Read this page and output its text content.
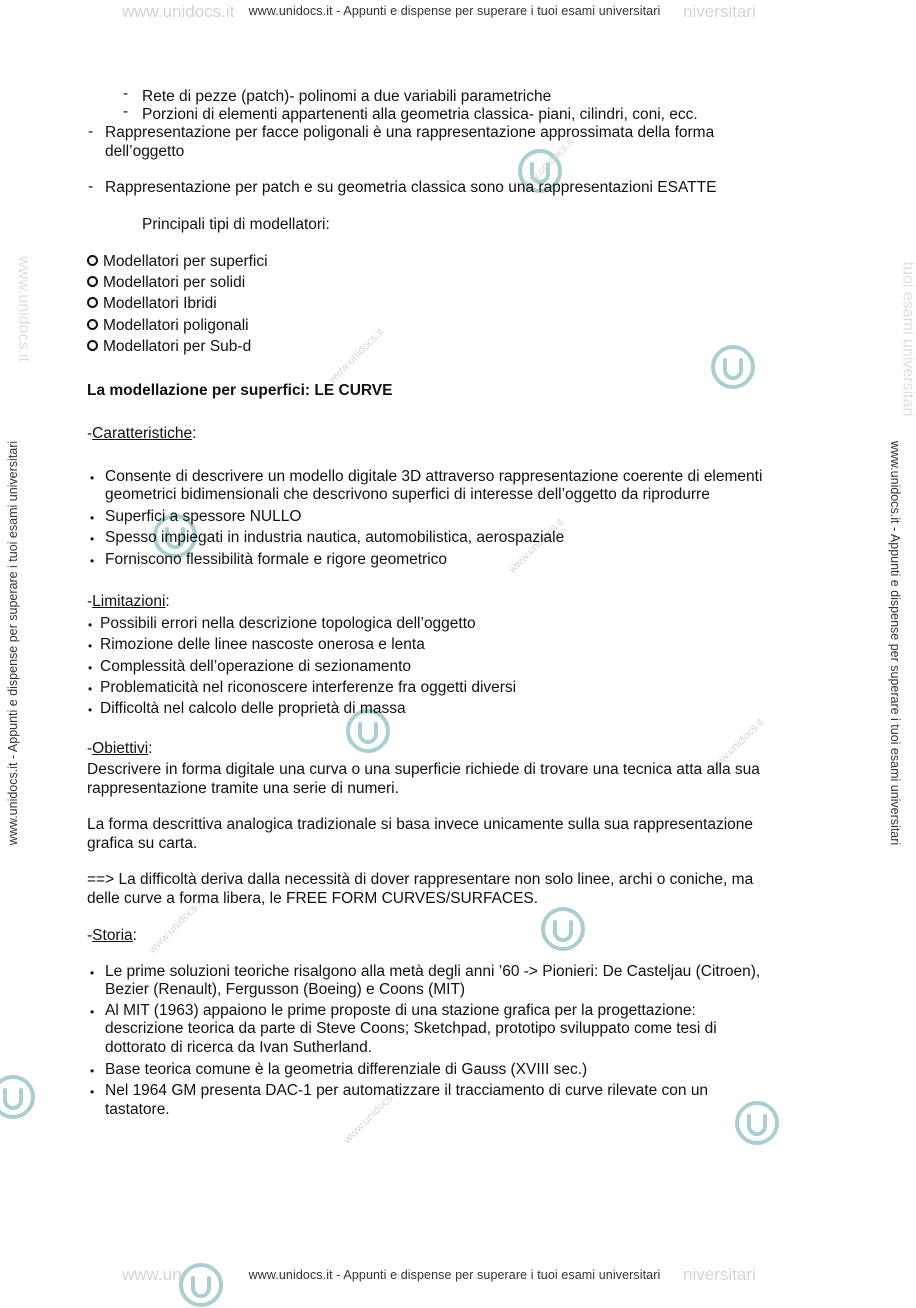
www.unidocs.it	niversitari
www.unidocs.it - Appunti e dispense per superare i tuoi esami universitari
www.un	niversitari
www.unidocs.it - Appunti e dispense per superare i tuoi esami universitari
www.unidocs.it - Appunti e dispense per superare i tuoi esami universitari	www.unidocs.it - Appunti e dispense per superare i tuoi esami universitari
www.unidocs.it	tuoi esami universitari
www.unidocs.it
www.unidocs.it
www.unidocs.it
www.unidocs.it
www.unidocs.it
www.unidocs.it
- Rete di pezze (patch)- polinomi a due variabili parametriche
- Porzioni di elementi appartenenti alla geometria classica- piani, cilindri, coni, ecc.
- Rappresentazione per facce poligonali è una rappresentazione approssimata della forma
dell’oggetto
- Rappresentazione per patch e su geometria classica sono una rappresentazioni ESATTE
Principali tipi di modellatori:
Modellatori per superfici
Modellatori per solidi
Modellatori Ibridi
Modellatori poligonali
Modellatori per Sub-d
La modellazione per superfici: LE CURVE
-Caratteristiche:
• Consente di descrivere un modello digitale 3D attraverso rappresentazione coerente di elementi
geometrici bidimensionali che descrivono superfici di interesse dell’oggetto da riprodurre
• Superfici a spessore NULLO
• Spesso impiegati in industria nautica, automobilistica, aerospaziale
• Forniscono flessibilità formale e rigore geometrico
-Limitazioni:
• Possibili errori nella descrizione topologica dell’oggetto
• Rimozione delle linee nascoste onerosa e lenta
• Complessità dell’operazione di sezionamento
• Problematicità nel riconoscere interferenze fra oggetti diversi
• Difficoltà nel calcolo delle proprietà di massa
-Obiettivi:
Descrivere in forma digitale una curva o una superficie richiede di trovare una tecnica atta alla sua
rappresentazione tramite una serie di numeri.
La forma descrittiva analogica tradizionale si basa invece unicamente sulla sua rappresentazione
grafica su carta.
==> La difficoltà deriva dalla necessità di dover rappresentare non solo linee, archi o coniche, ma
delle curve a forma libera, le FREE FORM CURVES/SURFACES.
-Storia:
• Le prime soluzioni teoriche risalgono alla metà degli anni ’60 -> Pionieri: De Casteljau (Citroen),
Bezier (Renault), Fergusson (Boeing) e Coons (MIT)
• Al MIT (1963) appaiono le prime proposte di una stazione grafica per la progettazione:
descrizione teorica da parte di Steve Coons; Sketchpad, prototipo sviluppato come tesi di
dottorato di ricerca da Ivan Sutherland.
• Base teorica comune è la geometria differenziale di Gauss (XVIII sec.)
• Nel 1964 GM presenta DAC-1 per automatizzare il tracciamento di curve rilevate con un
tastatore.
